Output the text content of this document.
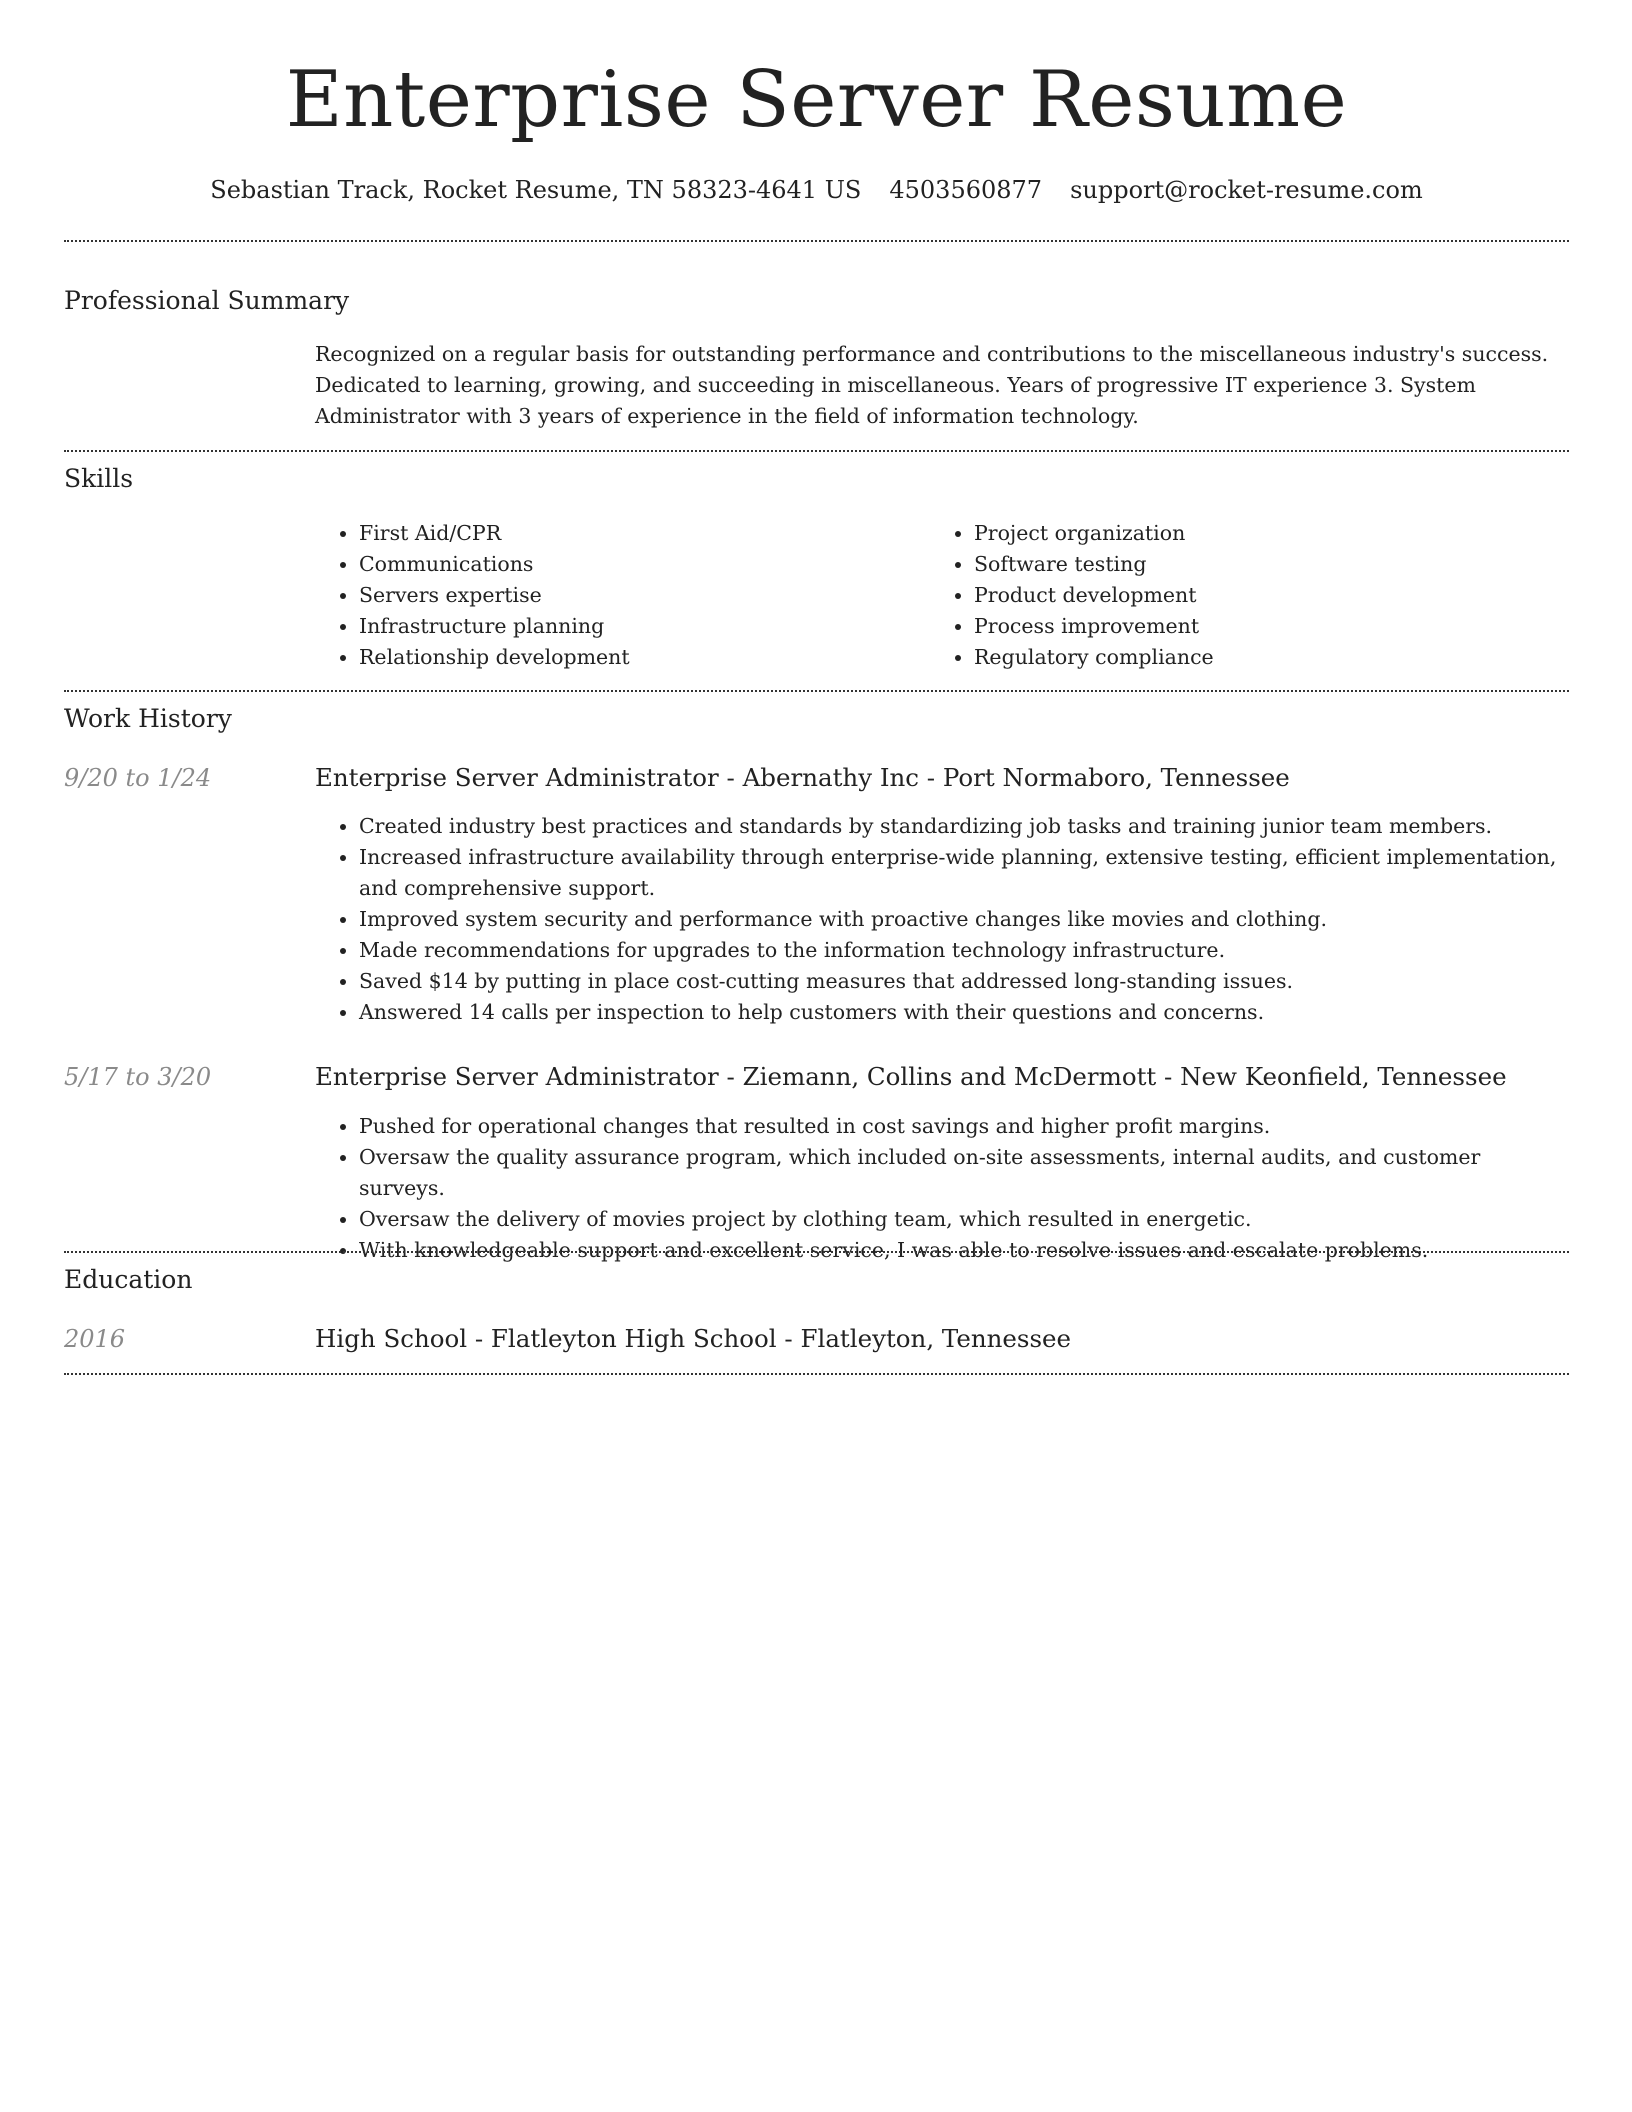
Enterprise Server Resume
Sebastian Track, Rocket Resume, TN 58323-4641 US 4503560877 support@rocket-resume.com
Professional Summary
Recognized on a regular basis for outstanding performance and contributions to the miscellaneous industry's success. Dedicated to learning, growing, and succeeding in miscellaneous. Years of progressive IT experience 3. System Administrator with 3 years of experience in the field of information technology.
Skills
• First Aid/CPR
• Communications
• Servers expertise
• Infrastructure planning
• Relationship development
• Project organization
• Software testing
• Product development
• Process improvement
• Regulatory compliance
Work History
9/20 to 1/24	Enterprise Server Administrator - Abernathy Inc - Port Normaboro, Tennessee
• Created industry best practices and standards by standardizing job tasks and training junior team members.
• Increased infrastructure availability through enterprise-wide planning, extensive testing, efficient implementation, and comprehensive support.
• Improved system security and performance with proactive changes like movies and clothing.
• Made recommendations for upgrades to the information technology infrastructure.
• Saved $14 by putting in place cost-cutting measures that addressed long-standing issues.
• Answered 14 calls per inspection to help customers with their questions and concerns.
5/17 to 3/20	Enterprise Server Administrator - Ziemann, Collins and McDermott - New Keonfield, Tennessee
• Pushed for operational changes that resulted in cost savings and higher profit margins.
• Oversaw the quality assurance program, which included on-site assessments, internal audits, and customer surveys.
• Oversaw the delivery of movies project by clothing team, which resulted in energetic.
• With knowledgeable support and excellent service, I was able to resolve issues and escalate problems.
Education
2016	High School - Flatleyton High School - Flatleyton, Tennessee
